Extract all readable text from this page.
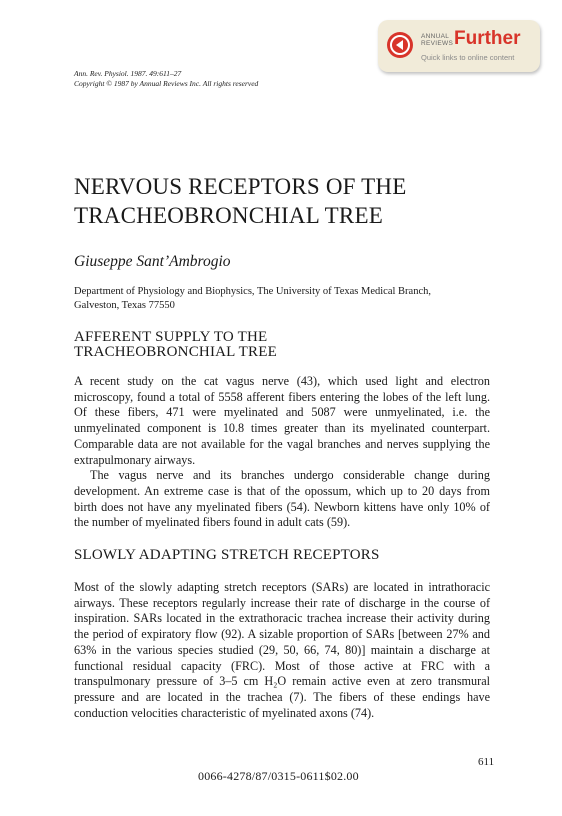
ANNUAL
REVIEWS Further
Quick links to online content
Ann. Rev. Physiol. 1987. 49:611–27
Copyright © 1987 by Annual Reviews Inc. All rights reserved
NERVOUS RECEPTORS OF THE
TRACHEOBRONCHIAL TREE
Giuseppe Sant’Ambrogio
Department of Physiology and Biophysics, The University of Texas Medical Branch,
Galveston, Texas 77550
AFFERENT SUPPLY TO THE
TRACHEOBRONCHIAL TREE

A recent study on the cat vagus nerve (43), which used light and electron microscopy, found a total of 5558 afferent fibers entering the lobes of the left lung. Of these fibers, 471 were myelinated and 5087 were unmyelinated, i.e. the unmyelinated component is 10.8 times greater than its myelinated counterpart. Comparable data are not available for the vagal branches and nerves supplying the extrapulmonary airways.

The vagus nerve and its branches undergo considerable change during development. An extreme case is that of the opossum, which up to 20 days from birth does not have any myelinated fibers (54). Newborn kittens have only 10% of the number of myelinated fibers found in adult cats (59).

SLOWLY ADAPTING STRETCH RECEPTORS

Most of the slowly adapting stretch receptors (SARs) are located in intrathoracic airways. These receptors regularly increase their rate of discharge in the course of inspiration. SARs located in the extrathoracic trachea increase their activity during the period of expiratory flow (92). A sizable proportion of SARs [between 27% and 63% in the various species studied (29, 50, 66, 74, 80)] maintain a discharge at functional residual capacity (FRC). Most of those active at FRC with a transpulmonary pressure of 3–5 cm H₂O remain active even at zero transmural pressure and are located in the trachea (7). The fibers of these endings have conduction velocities characteristic of myelinated axons (74).

611
0066-4278/87/0315-0611$02.00
